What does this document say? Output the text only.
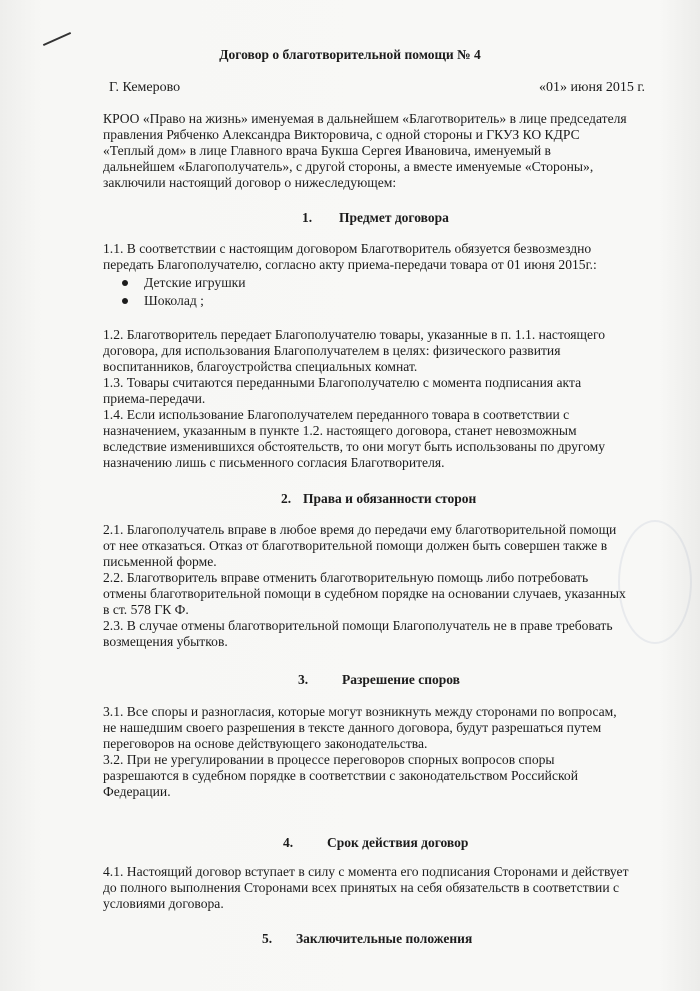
Договор о благотворительной помощи № 4
Г. Кемерово	«01» июня 2015 г.
КРОО «Право на жизнь» именуемая в дальнейшем «Благотворитель» в лице председателя
правления Рябченко Александра Викторовича, с одной стороны и ГКУЗ КО КДРС
«Теплый дом» в лице Главного врача Букша Сергея Ивановича, именуемый в
дальнейшем «Благополучатель», с другой стороны, а вместе именуемые «Стороны»,
заключили настоящий договор о нижеследующем:
1. Предмет договора
1.1. В соответствии с настоящим договором Благотворитель обязуется безвозмездно
передать Благополучателю, согласно акту приема-передачи товара от 01 июня 2015г.:
Детские игрушки
Шоколад ;
1.2. Благотворитель передает Благополучателю товары, указанные в п. 1.1. настоящего
договора, для использования Благополучателем в целях: физического развития
воспитанников, благоустройства специальных комнат.
1.3. Товары считаются переданными Благополучателю с момента подписания акта
приема-передачи.
1.4. Если использование Благополучателем переданного товара в соответствии с
назначением, указанным в пункте 1.2. настоящего договора, станет невозможным
вследствие изменившихся обстоятельств, то они могут быть использованы по другому
назначению лишь с письменного согласия Благотворителя.
2. Права и обязанности сторон
2.1. Благополучатель вправе в любое время до передачи ему благотворительной помощи
от нее отказаться. Отказ от благотворительной помощи должен быть совершен также в
письменной форме.
2.2. Благотворитель вправе отменить благотворительную помощь либо потребовать
отмены благотворительной помощи в судебном порядке на основании случаев, указанных
в ст. 578 ГК Ф.
2.3. В случае отмены благотворительной помощи Благополучатель не в праве требовать
возмещения убытков.
3.	Разрешение споров
3.1. Все споры и разногласия, которые могут возникнуть между сторонами по вопросам,
не нашедшим своего разрешения в тексте данного договора, будут разрешаться путем
переговоров на основе действующего законодательства.
3.2. При не урегулировании в процессе переговоров спорных вопросов споры
разрешаются в судебном порядке в соответствии с законодательством Российской
Федерации.
4.	Срок действия договор
4.1. Настоящий договор вступает в силу с момента его подписания Сторонами и действует
до полного выполнения Сторонами всех принятых на себя обязательств в соответствии с
условиями договора.
5. Заключительные положения
